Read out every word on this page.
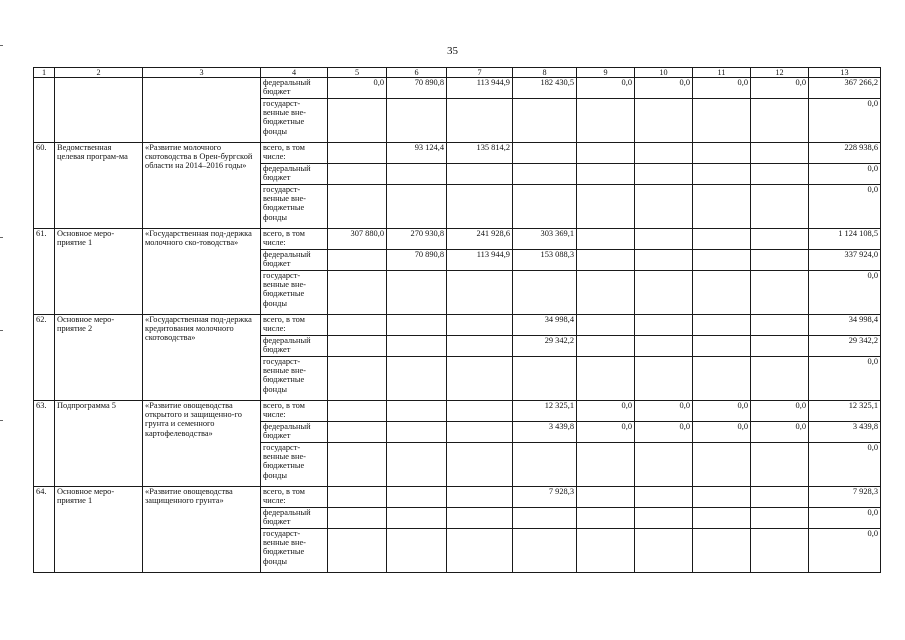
35
1	2	3	4	5	6	7	8	9	10	11	12	13
			федеральный бюджет	0,0	70 890,8	113 944,9	182 430,5	0,0	0,0	0,0	0,0	367 266,2
			государст-венные вне-бюджетные фонды									0,0
60.	Ведомственная целевая програм-ма	«Развитие молочного скотоводства в Орен-бургской области на 2014–2016 годы»	всего, в том числе:		93 124,4	135 814,2						228 938,6
			федеральный бюджет									0,0
			государст-венные вне-бюджетные фонды									0,0
61.	Основное меро-приятие 1	«Государственная под-держка молочного ско-товодства»	всего, в том числе:	307 880,0	270 930,8	241 928,6	303 369,1					1 124 108,5
			федеральный бюджет		70 890,8	113 944,9	153 088,3					337 924,0
			государст-венные вне-бюджетные фонды									0,0
62.	Основное меро-приятие 2	«Государственная под-держка кредитования молочного скотоводства»	всего, в том числе:				34 998,4					34 998,4
			федеральный бюджет				29 342,2					29 342,2
			государст-венные вне-бюджетные фонды									0,0
63.	Подпрограмма 5	«Развитие овощеводства открытого и защищенно-го грунта и семенного картофелеводства»	всего, в том числе:				12 325,1	0,0	0,0	0,0	0,0	12 325,1
			федеральный бюджет				3 439,8	0,0	0,0	0,0	0,0	3 439,8
			государст-венные вне-бюджетные фонды									0,0
64.	Основное меро-приятие 1	«Развитие овощеводства защищенного грунта»	всего, в том числе:				7 928,3					7 928,3
			федеральный бюджет									0,0
			государст-венные вне-бюджетные фонды									0,0
